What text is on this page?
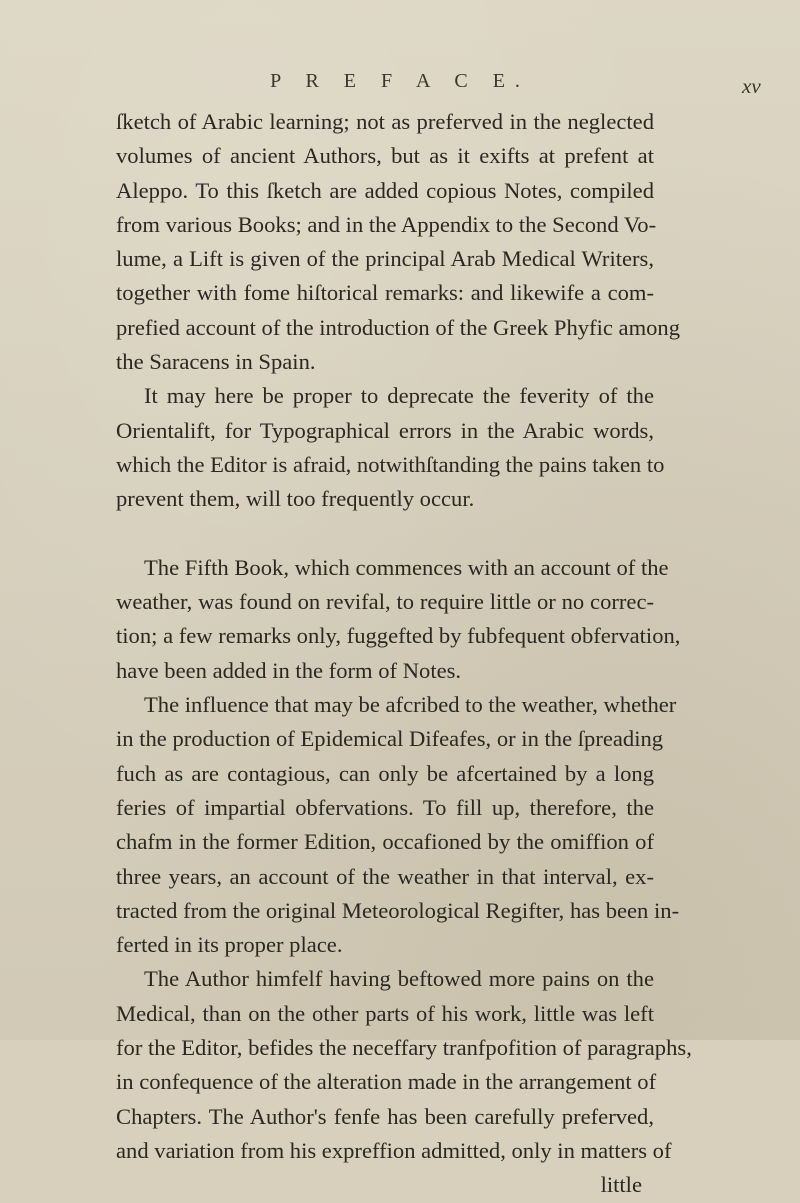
P R E F A C E.	xv
ſketch of Arabic learning; not as preferved in the neglected
volumes of ancient Authors, but as it exifts at prefent at
Aleppo. To this ſketch are added copious Notes, compiled
from various Books; and in the Appendix to the Second Vo-
lume, a Lift is given of the principal Arab Medical Writers,
together with fome hiſtorical remarks: and likewife a com-
prefied account of the introduction of the Greek Phyfic among
the Saracens in Spain.
It may here be proper to deprecate the feverity of the
Orientalift, for Typographical errors in the Arabic words,
which the Editor is afraid, notwithſtanding the pains taken to
prevent them, will too frequently occur.
The Fifth Book, which commences with an account of the
weather, was found on revifal, to require little or no correc-
tion; a few remarks only, fuggefted by fubfequent obfervation,
have been added in the form of Notes.
The influence that may be afcribed to the weather, whether
in the production of Epidemical Difeafes, or in the ſpreading
fuch as are contagious, can only be afcertained by a long
feries of impartial obfervations. To fill up, therefore, the
chafm in the former Edition, occafioned by the omiffion of
three years, an account of the weather in that interval, ex-
tracted from the original Meteorological Regifter, has been in-
ferted in its proper place.
The Author himfelf having beftowed more pains on the
Medical, than on the other parts of his work, little was left
for the Editor, befides the neceffary tranfpofition of paragraphs,
in confequence of the alteration made in the arrangement of
Chapters. The Author's fenfe has been carefully preferved,
and variation from his expreffion admitted, only in matters of
little
